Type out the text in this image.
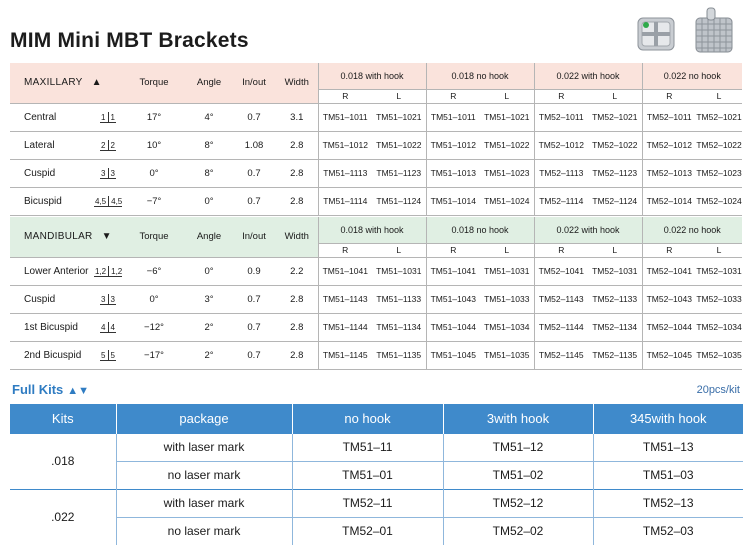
MIM Mini MBT Brackets
MAXILLARY ▲		Torque	Angle	In/out	Width	0.018 with hook		0.018 no hook		0.022 with hook		0.022 no hook	
						R	L	R	L	R	L	R	L
Central	1 1	17°	4°	0.7	3.1	TM51–1011	TM51–1021	TM51–1011	TM51–1021	TM52–1011	TM52–1021	TM52–1011	TM52–1021
Lateral	2 2	10°	8°	1.08	2.8	TM51–1012	TM51–1022	TM51–1012	TM51–1022	TM52–1012	TM52–1022	TM52–1012	TM52–1022
Cuspid	3 3	0°	8°	0.7	2.8	TM51–1113	TM51–1123	TM51–1013	TM51–1023	TM52–1113	TM52–1123	TM52–1013	TM52–1023
Bicuspid	4,5 4,5	−7°	0°	0.7	2.8	TM51–1114	TM51–1124	TM51–1014	TM51–1024	TM52–1114	TM52–1124	TM52–1014	TM52–1024
MANDIBULAR ▼		Torque	Angle	In/out	Width	0.018 with hook		0.018 no hook		0.022 with hook		0.022 no hook	
						R	L	R	L	R	L	R	L
Lower Anterior	1,2 1,2	−6°	0°	0.9	2.2	TM51–1041	TM51–1031	TM51–1041	TM51–1031	TM52–1041	TM52–1031	TM52–1041	TM52–1031
Cuspid	3 3	0°	3°	0.7	2.8	TM51–1143	TM51–1133	TM51–1043	TM51–1033	TM52–1143	TM52–1133	TM52–1043	TM52–1033
1st Bicuspid	4 4	−12°	2°	0.7	2.8	TM51–1144	TM51–1134	TM51–1044	TM51–1034	TM52–1144	TM52–1134	TM52–1044	TM52–1034
2nd Bicuspid	5 5	−17°	2°	0.7	2.8	TM51–1145	TM51–1135	TM51–1045	TM51–1035	TM52–1145	TM52–1135	TM52–1045	TM52–1035
Full Kits ▲▼	20pcs/kit
Kits	package	no hook	3with hook	345with hook
.018	with laser mark	TM51–11	TM51–12	TM51–13
	no laser mark	TM51–01	TM51–02	TM51–03
.022	with laser mark	TM52–11	TM52–12	TM52–13
	no laser mark	TM52–01	TM52–02	TM52–03
